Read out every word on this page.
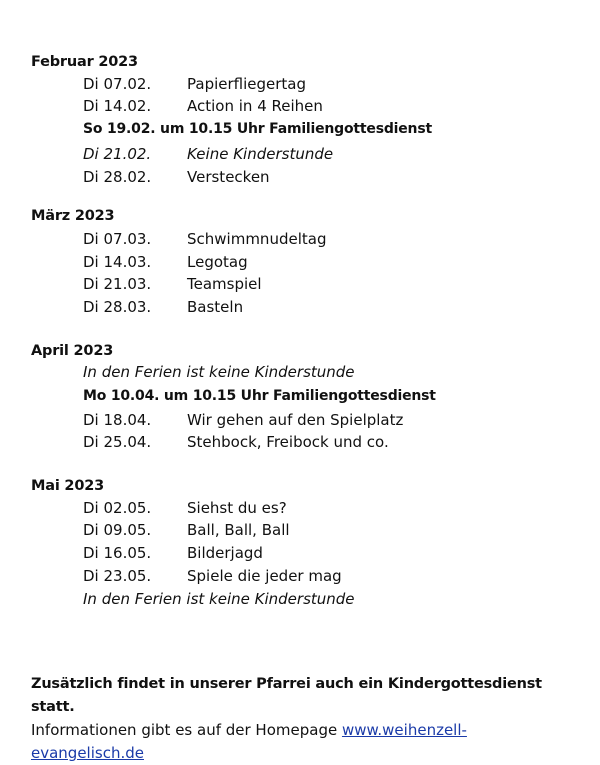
Februar 2023
Di 07.02. Papierfliegertag
Di 14.02. Action in 4 Reihen
So 19.02. um 10.15 Uhr Familiengottesdienst
Di 21.02. Keine Kinderstunde
Di 28.02. Verstecken
März 2023
Di 07.03. Schwimmnudeltag
Di 14.03. Legotag
Di 21.03. Teamspiel
Di 28.03. Basteln
April 2023
In den Ferien ist keine Kinderstunde
Mo 10.04. um 10.15 Uhr Familiengottesdienst
Di 18.04. Wir gehen auf den Spielplatz
Di 25.04. Stehbock, Freibock und co.
Mai 2023
Di 02.05. Siehst du es?
Di 09.05. Ball, Ball, Ball
Di 16.05. Bilderjagd
Di 23.05. Spiele die jeder mag
In den Ferien ist keine Kinderstunde
Zusätzlich findet in unserer Pfarrei auch ein Kindergottesdienst statt.
Informationen gibt es auf der Homepage www.weihenzell-evangelisch.de
